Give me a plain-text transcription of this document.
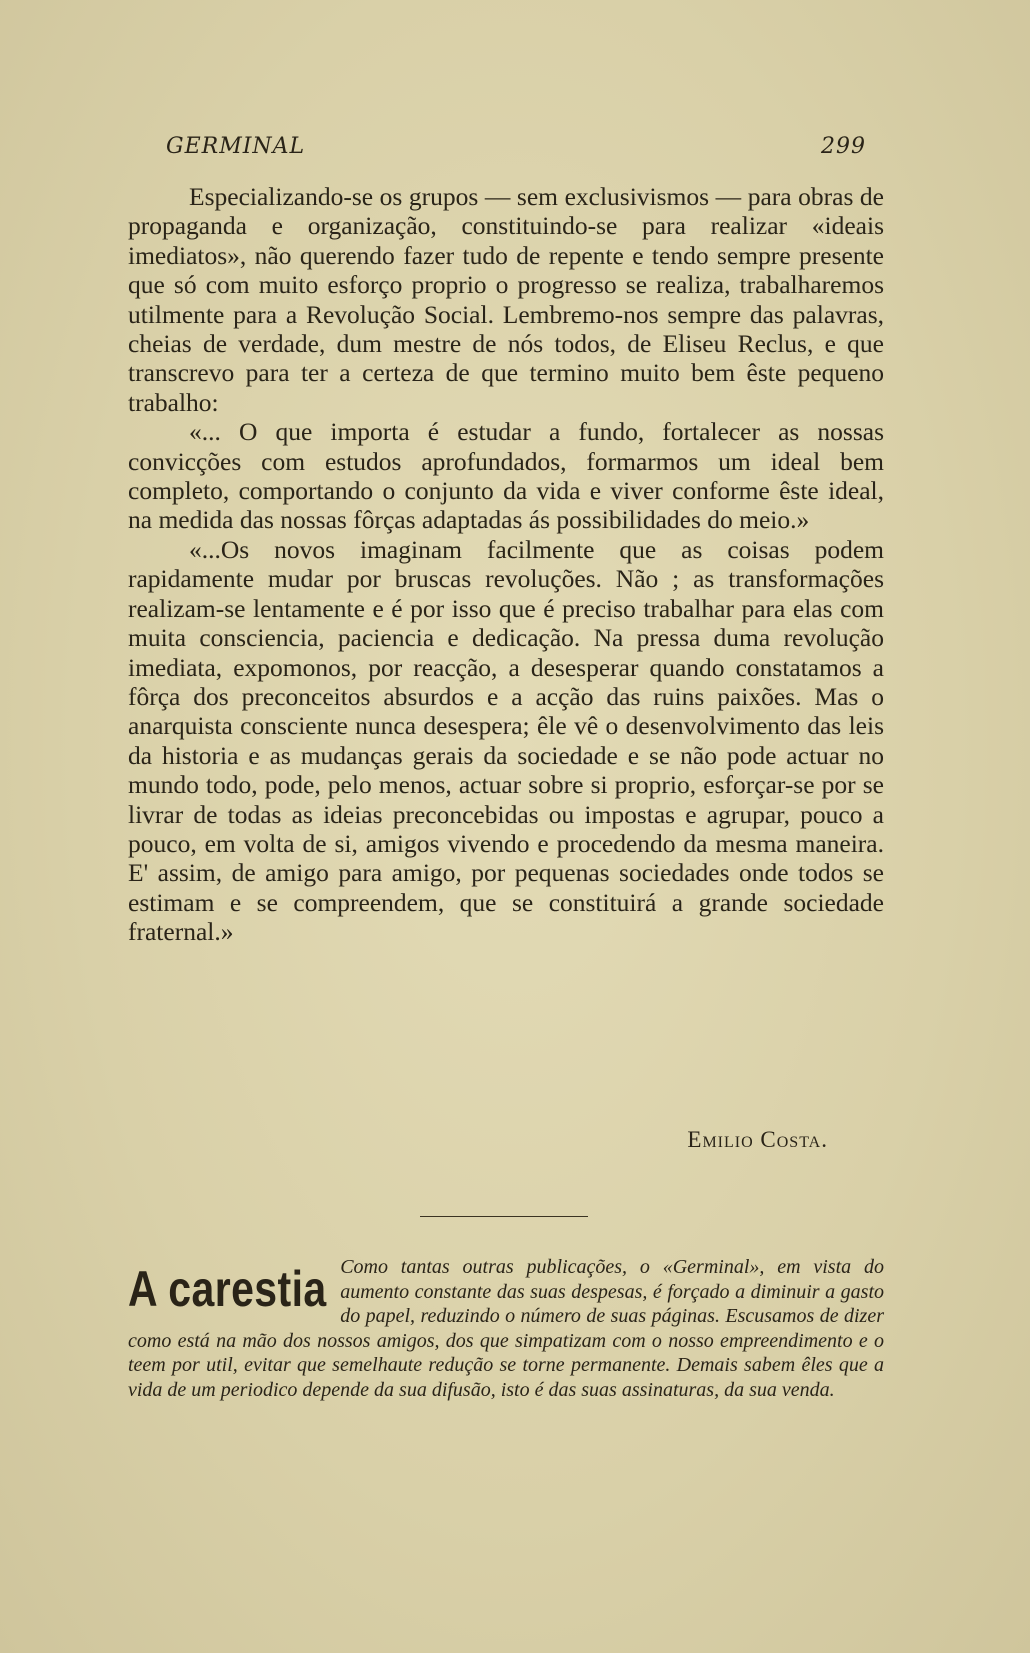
GERMINAL	299

Especializando-se os grupos — sem exclusivismos — para obras de propaganda e organização, constituindo-se para realizar «ideais imediatos», não querendo fazer tudo de repente e tendo sempre presente que só com muito esforço proprio o progresso se realiza, trabalharemos utilmente para a Revolução Social. Lembremo-nos sempre das palavras, cheias de verdade, dum mestre de nós todos, de Eliseu Reclus, e que transcrevo para ter a certeza de que termino muito bem êste pequeno trabalho:

«... O que importa é estudar a fundo, fortalecer as nossas convicções com estudos aprofundados, formarmos um ideal bem completo, comportando o conjunto da vida e viver conforme êste ideal, na medida das nossas fôrças adaptadas ás possibilidades do meio.»

«...Os novos imaginam facilmente que as coisas podem rapidamente mudar por bruscas revoluções. Não ; as transformações realizam-se lentamente e é por isso que é preciso trabalhar para elas com muita consciencia, paciencia e dedicação. Na pressa duma revolução imediata, expomonos, por reacção, a desesperar quando constatamos a fôrça dos preconceitos absurdos e a acção das ruins paixões. Mas o anarquista consciente nunca desespera; êle vê o desenvolvimento das leis da historia e as mudanças gerais da sociedade e se não pode actuar no mundo todo, pode, pelo menos, actuar sobre si proprio, esforçar-se por se livrar de todas as ideias preconcebidas ou impostas e agrupar, pouco a pouco, em volta de si, amigos vivendo e procedendo da mesma maneira. E' assim, de amigo para amigo, por pequenas sociedades onde todos se estimam e se compreendem, que se constituirá a grande sociedade fraternal.»

Emilio Costa.
A carestia Como tantas outras publicações, o «Germinal», em vista do aumento constante das suas despesas, é forçado a diminuir a gasto do papel, reduzindo o número de suas páginas. Escusamos de dizer como está na mão dos nossos amigos, dos que simpatizam com o nosso empreendimento e o teem por util, evitar que semelhaute redução se torne permanente. Demais sabem êles que a vida de um periodico depende da sua difusão, isto é das suas assinaturas, da sua venda.
